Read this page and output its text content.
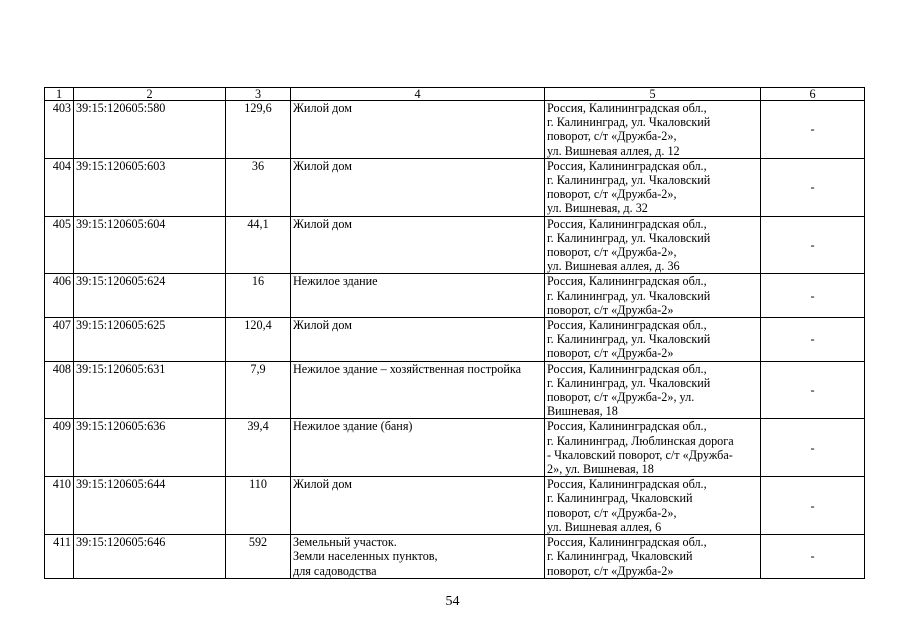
1	2	3	4	5	6
403	39:15:120605:580	129,6	Жилой дом	Россия, Калининградская обл.,
г. Калининград, ул. Чкаловский
поворот, с/т «Дружба-2»,
ул. Вишневая аллея, д. 12	-
404	39:15:120605:603	36	Жилой дом	Россия, Калининградская обл.,
г. Калининград, ул. Чкаловский
поворот, с/т «Дружба-2»,
ул. Вишневая, д. 32	-
405	39:15:120605:604	44,1	Жилой дом	Россия, Калининградская обл.,
г. Калининград, ул. Чкаловский
поворот, с/т «Дружба-2»,
ул. Вишневая аллея, д. 36	-
406	39:15:120605:624	16	Нежилое здание	Россия, Калининградская обл.,
г. Калининград, ул. Чкаловский
поворот, с/т «Дружба-2»	-
407	39:15:120605:625	120,4	Жилой дом	Россия, Калининградская обл.,
г. Калининград, ул. Чкаловский
поворот, с/т «Дружба-2»	-
408	39:15:120605:631	7,9	Нежилое здание – хозяйственная постройка	Россия, Калининградская обл.,
г. Калининград, ул. Чкаловский
поворот, с/т «Дружба-2», ул.
Вишневая, 18	-
409	39:15:120605:636	39,4	Нежилое здание (баня)	Россия, Калининградская обл.,
г. Калининград, Люблинская дорога
- Чкаловский поворот, с/т «Дружба-
2», ул. Вишневая, 18	-
410	39:15:120605:644	110	Жилой дом	Россия, Калининградская обл.,
г. Калининград, Чкаловский
поворот, с/т «Дружба-2»,
ул. Вишневая аллея, 6	-
411	39:15:120605:646	592	Земельный участок.
Земли населенных пунктов,
для садоводства	Россия, Калининградская обл.,
г. Калининград, Чкаловский
поворот, с/т «Дружба-2»	-
54
